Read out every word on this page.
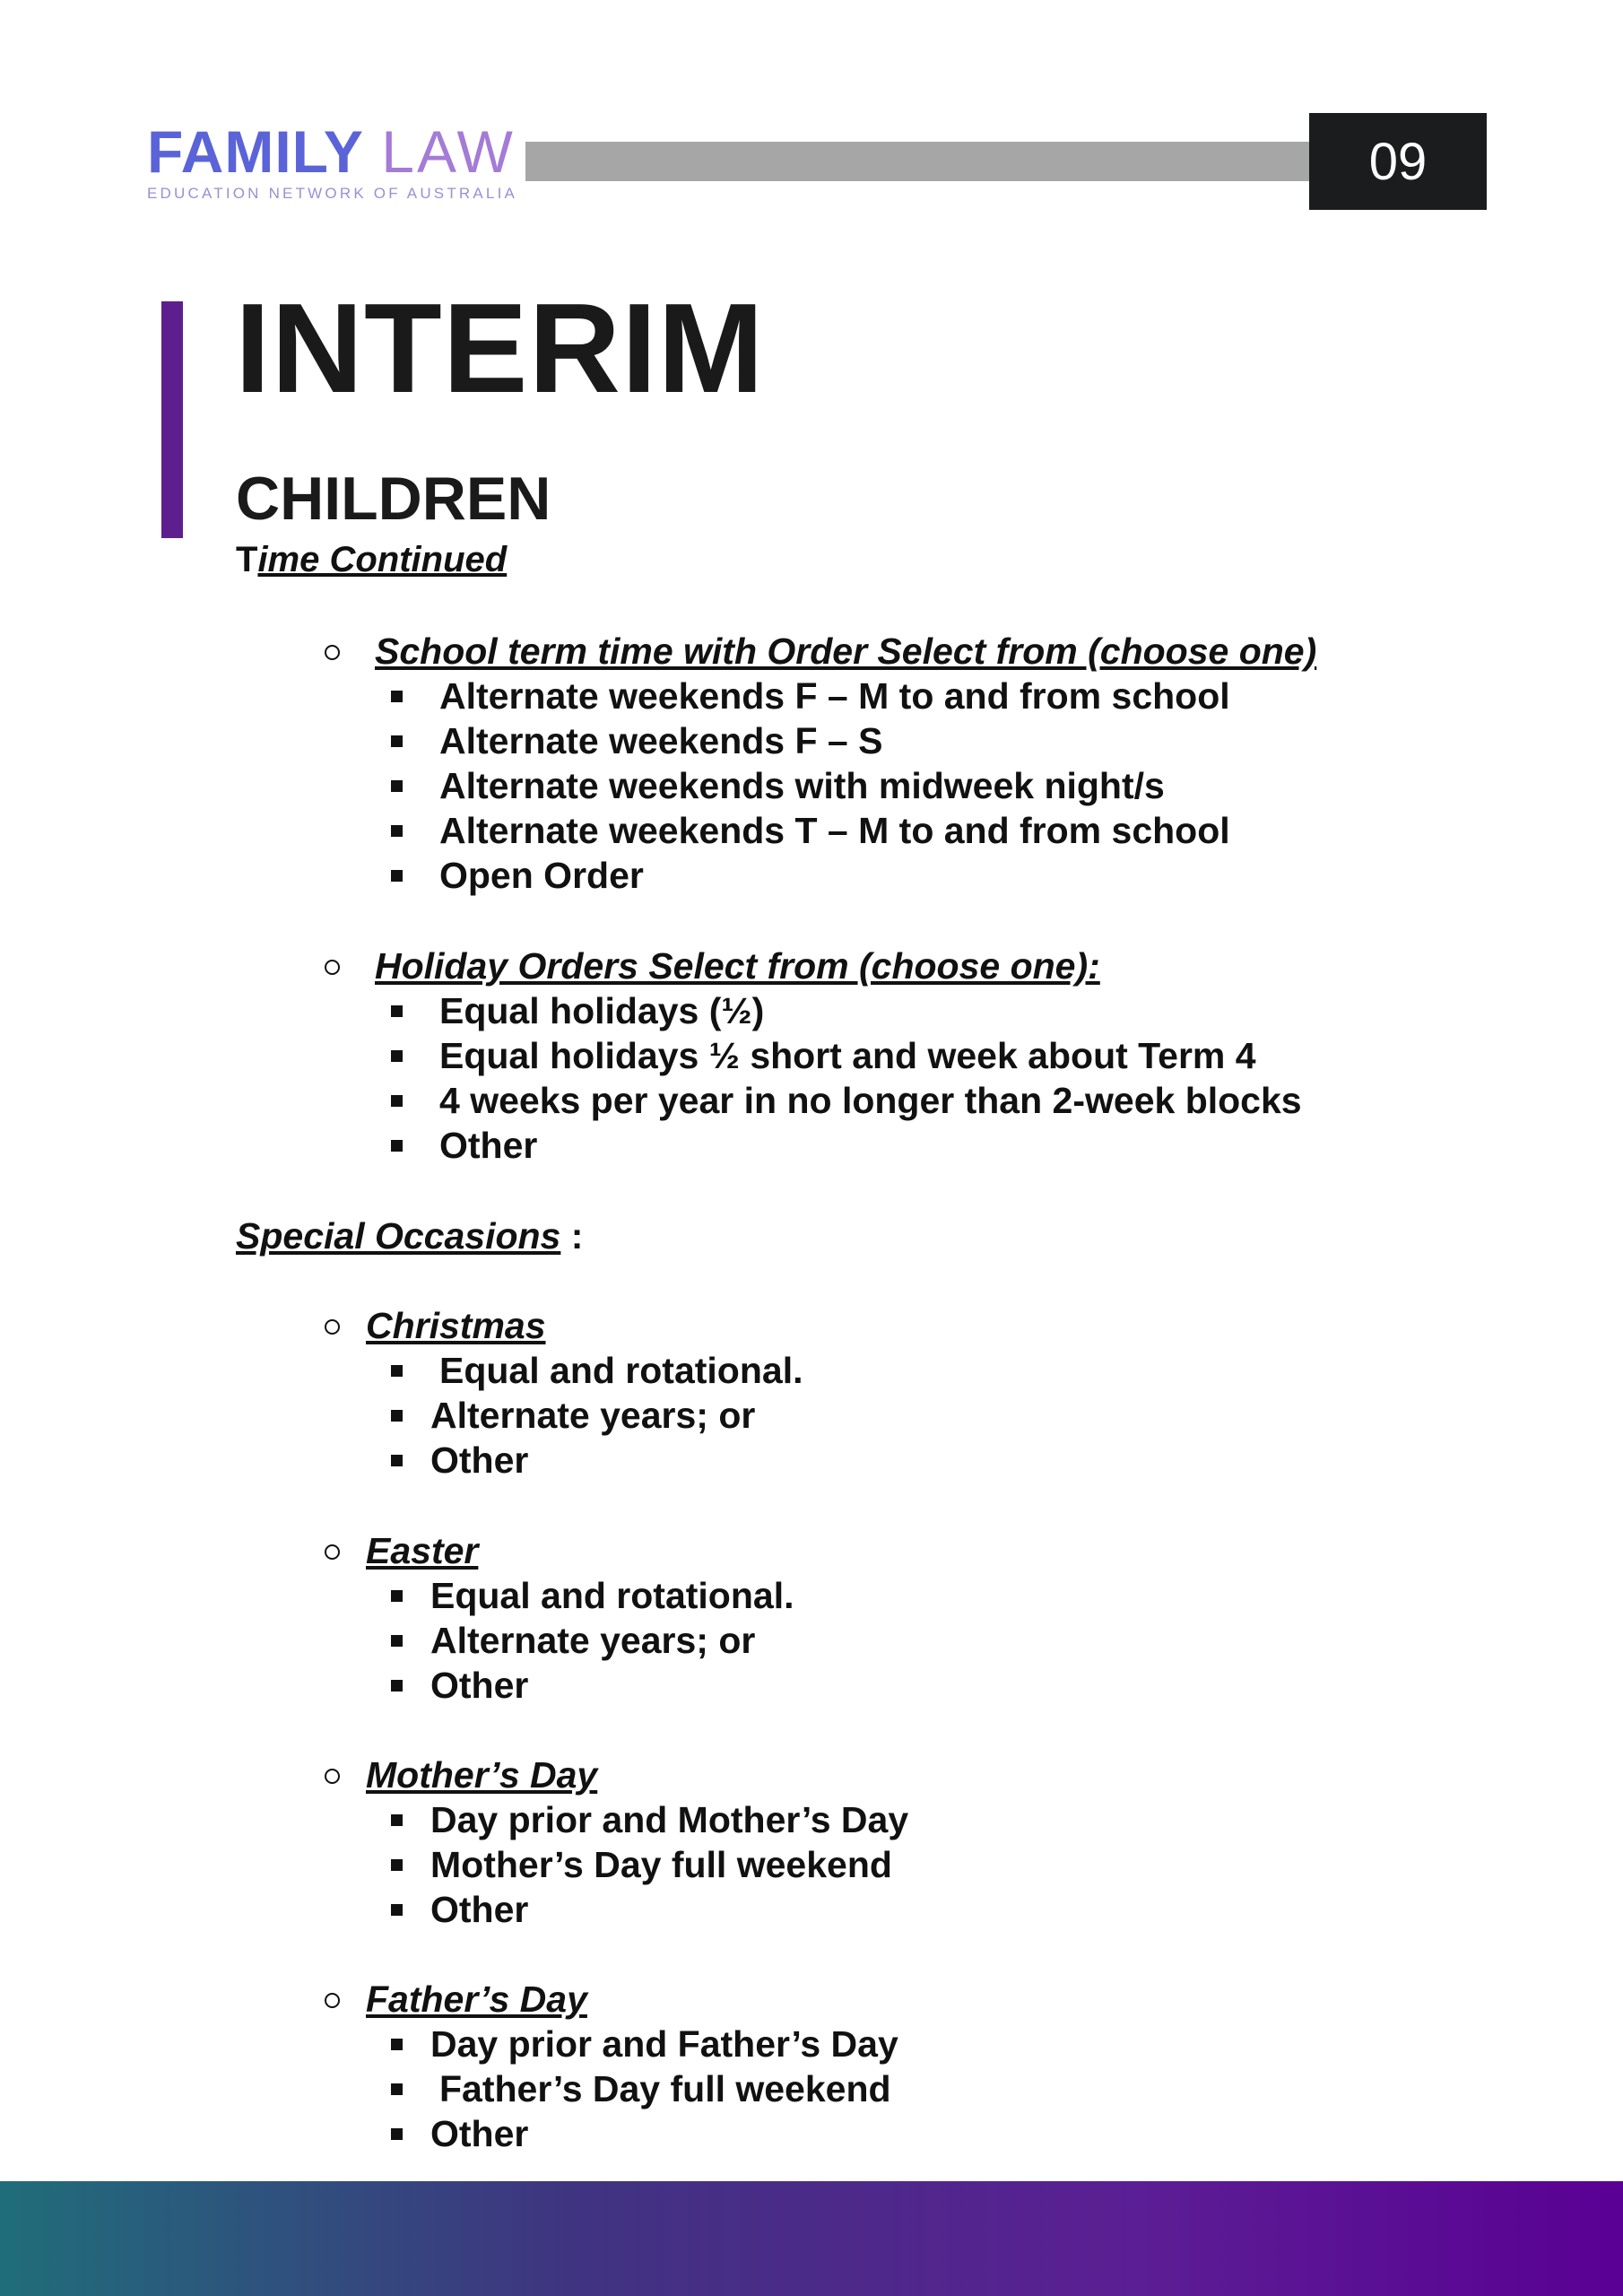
FAMILY LAW
EDUCATION NETWORK OF AUSTRALIA
09
INTERIM
CHILDREN
Time Continued
School term time with Order Select from (choose one)
Alternate weekends F – M to and from school
Alternate weekends F – S
Alternate weekends with midweek night/s
Alternate weekends T – M to and from school
Open Order
Holiday Orders Select from (choose one):
Equal holidays (½)
Equal holidays ½ short and week about Term 4
4 weeks per year in no longer than 2-week blocks
Other
Special Occasions :
Christmas
Equal and rotational.
Alternate years; or
Other
Easter
Equal and rotational.
Alternate years; or
Other
Mother’s Day
Day prior and Mother’s Day
Mother’s Day full weekend
Other
Father’s Day
Day prior and Father’s Day
Father’s Day full weekend
Other
